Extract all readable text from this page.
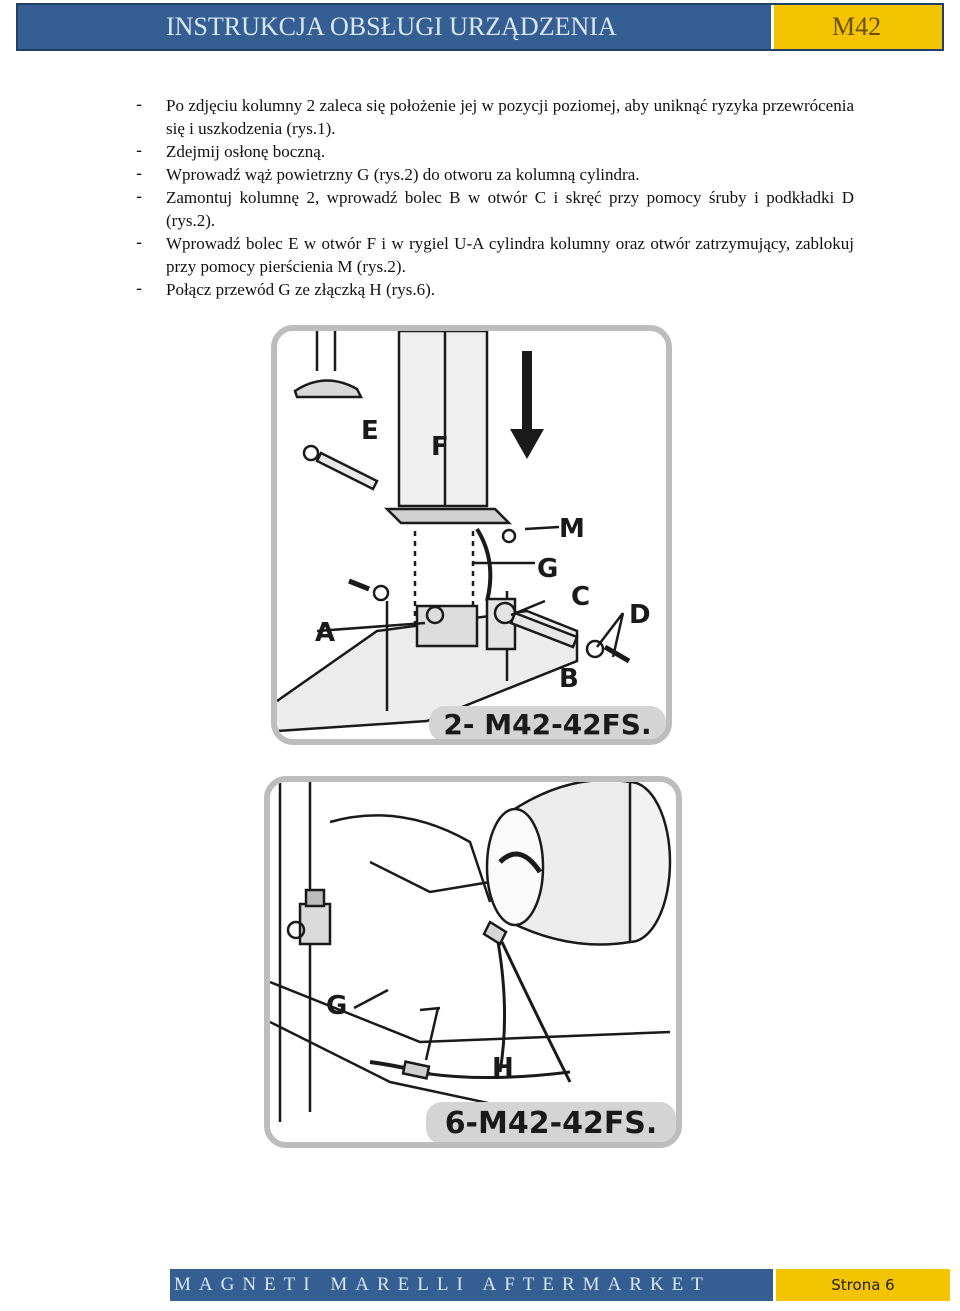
INSTRUKCJA OBSŁUGI URZĄDZENIA	M42
- Po zdjęciu kolumny 2 zaleca się położenie jej w pozycji poziomej, aby uniknąć ryzyka przewrócenia się i uszkodzenia (rys.1).
- Zdejmij osłonę boczną.
- Wprowadź wąż powietrzny G (rys.2) do otworu za kolumną cylindra.
- Zamontuj kolumnę 2, wprowadź bolec B w otwór C i skręć przy pomocy śruby i podkładki D (rys.2).
- Wprowadź bolec E w otwór F i w rygiel U-A cylindra kolumny oraz otwór zatrzymujący, zablokuj przy pomocy pierścienia M (rys.2).
- Połącz przewód G ze złączką H (rys.6).
E
F
M
G
C
D
A
B
2- M42-42FS.
G
H
6-M42-42FS.
MAGNETI MARELLI AFTERMARKET	Strona 6
